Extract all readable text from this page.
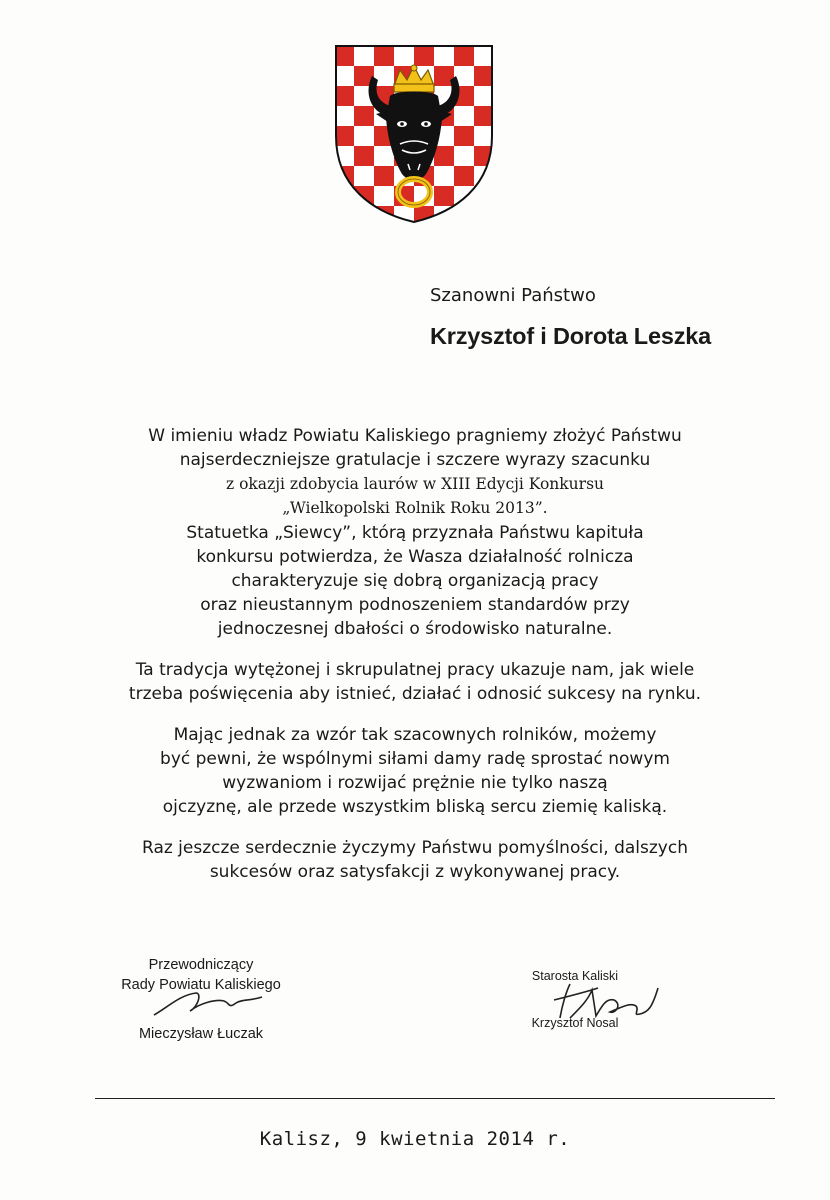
Szanowni Państwo
Krzysztof i Dorota Leszka
W imieniu władz Powiatu Kaliskiego pragniemy złożyć Państwu
najserdeczniejsze gratulacje i szczere wyrazy szacunku
z okazji zdobycia laurów w XIII Edycji Konkursu
„Wielkopolski Rolnik Roku 2013”.
Statuetka „Siewcy”, którą przyznała Państwu kapituła
konkursu potwierdza, że Wasza działalność rolnicza
charakteryzuje się dobrą organizacją pracy
oraz nieustannym podnoszeniem standardów przy
jednoczesnej dbałości o środowisko naturalne.
Ta tradycja wytężonej i skrupulatnej pracy ukazuje nam, jak wiele
trzeba poświęcenia aby istnieć, działać i odnosić sukcesy na rynku.
Mając jednak za wzór tak szacownych rolników, możemy
być pewni, że wspólnymi siłami damy radę sprostać nowym
wyzwaniom i rozwijać prężnie nie tylko naszą
ojczyznę, ale przede wszystkim bliską sercu ziemię kaliską.
Raz jeszcze serdecznie życzymy Państwu pomyślności, dalszych
sukcesów oraz satysfakcji z wykonywanej pracy.
Przewodniczący
Rady Powiatu Kaliskiego
Mieczysław Łuczak
Starosta Kaliski
Krzysztof Nosal
Kalisz, 9 kwietnia 2014 r.
